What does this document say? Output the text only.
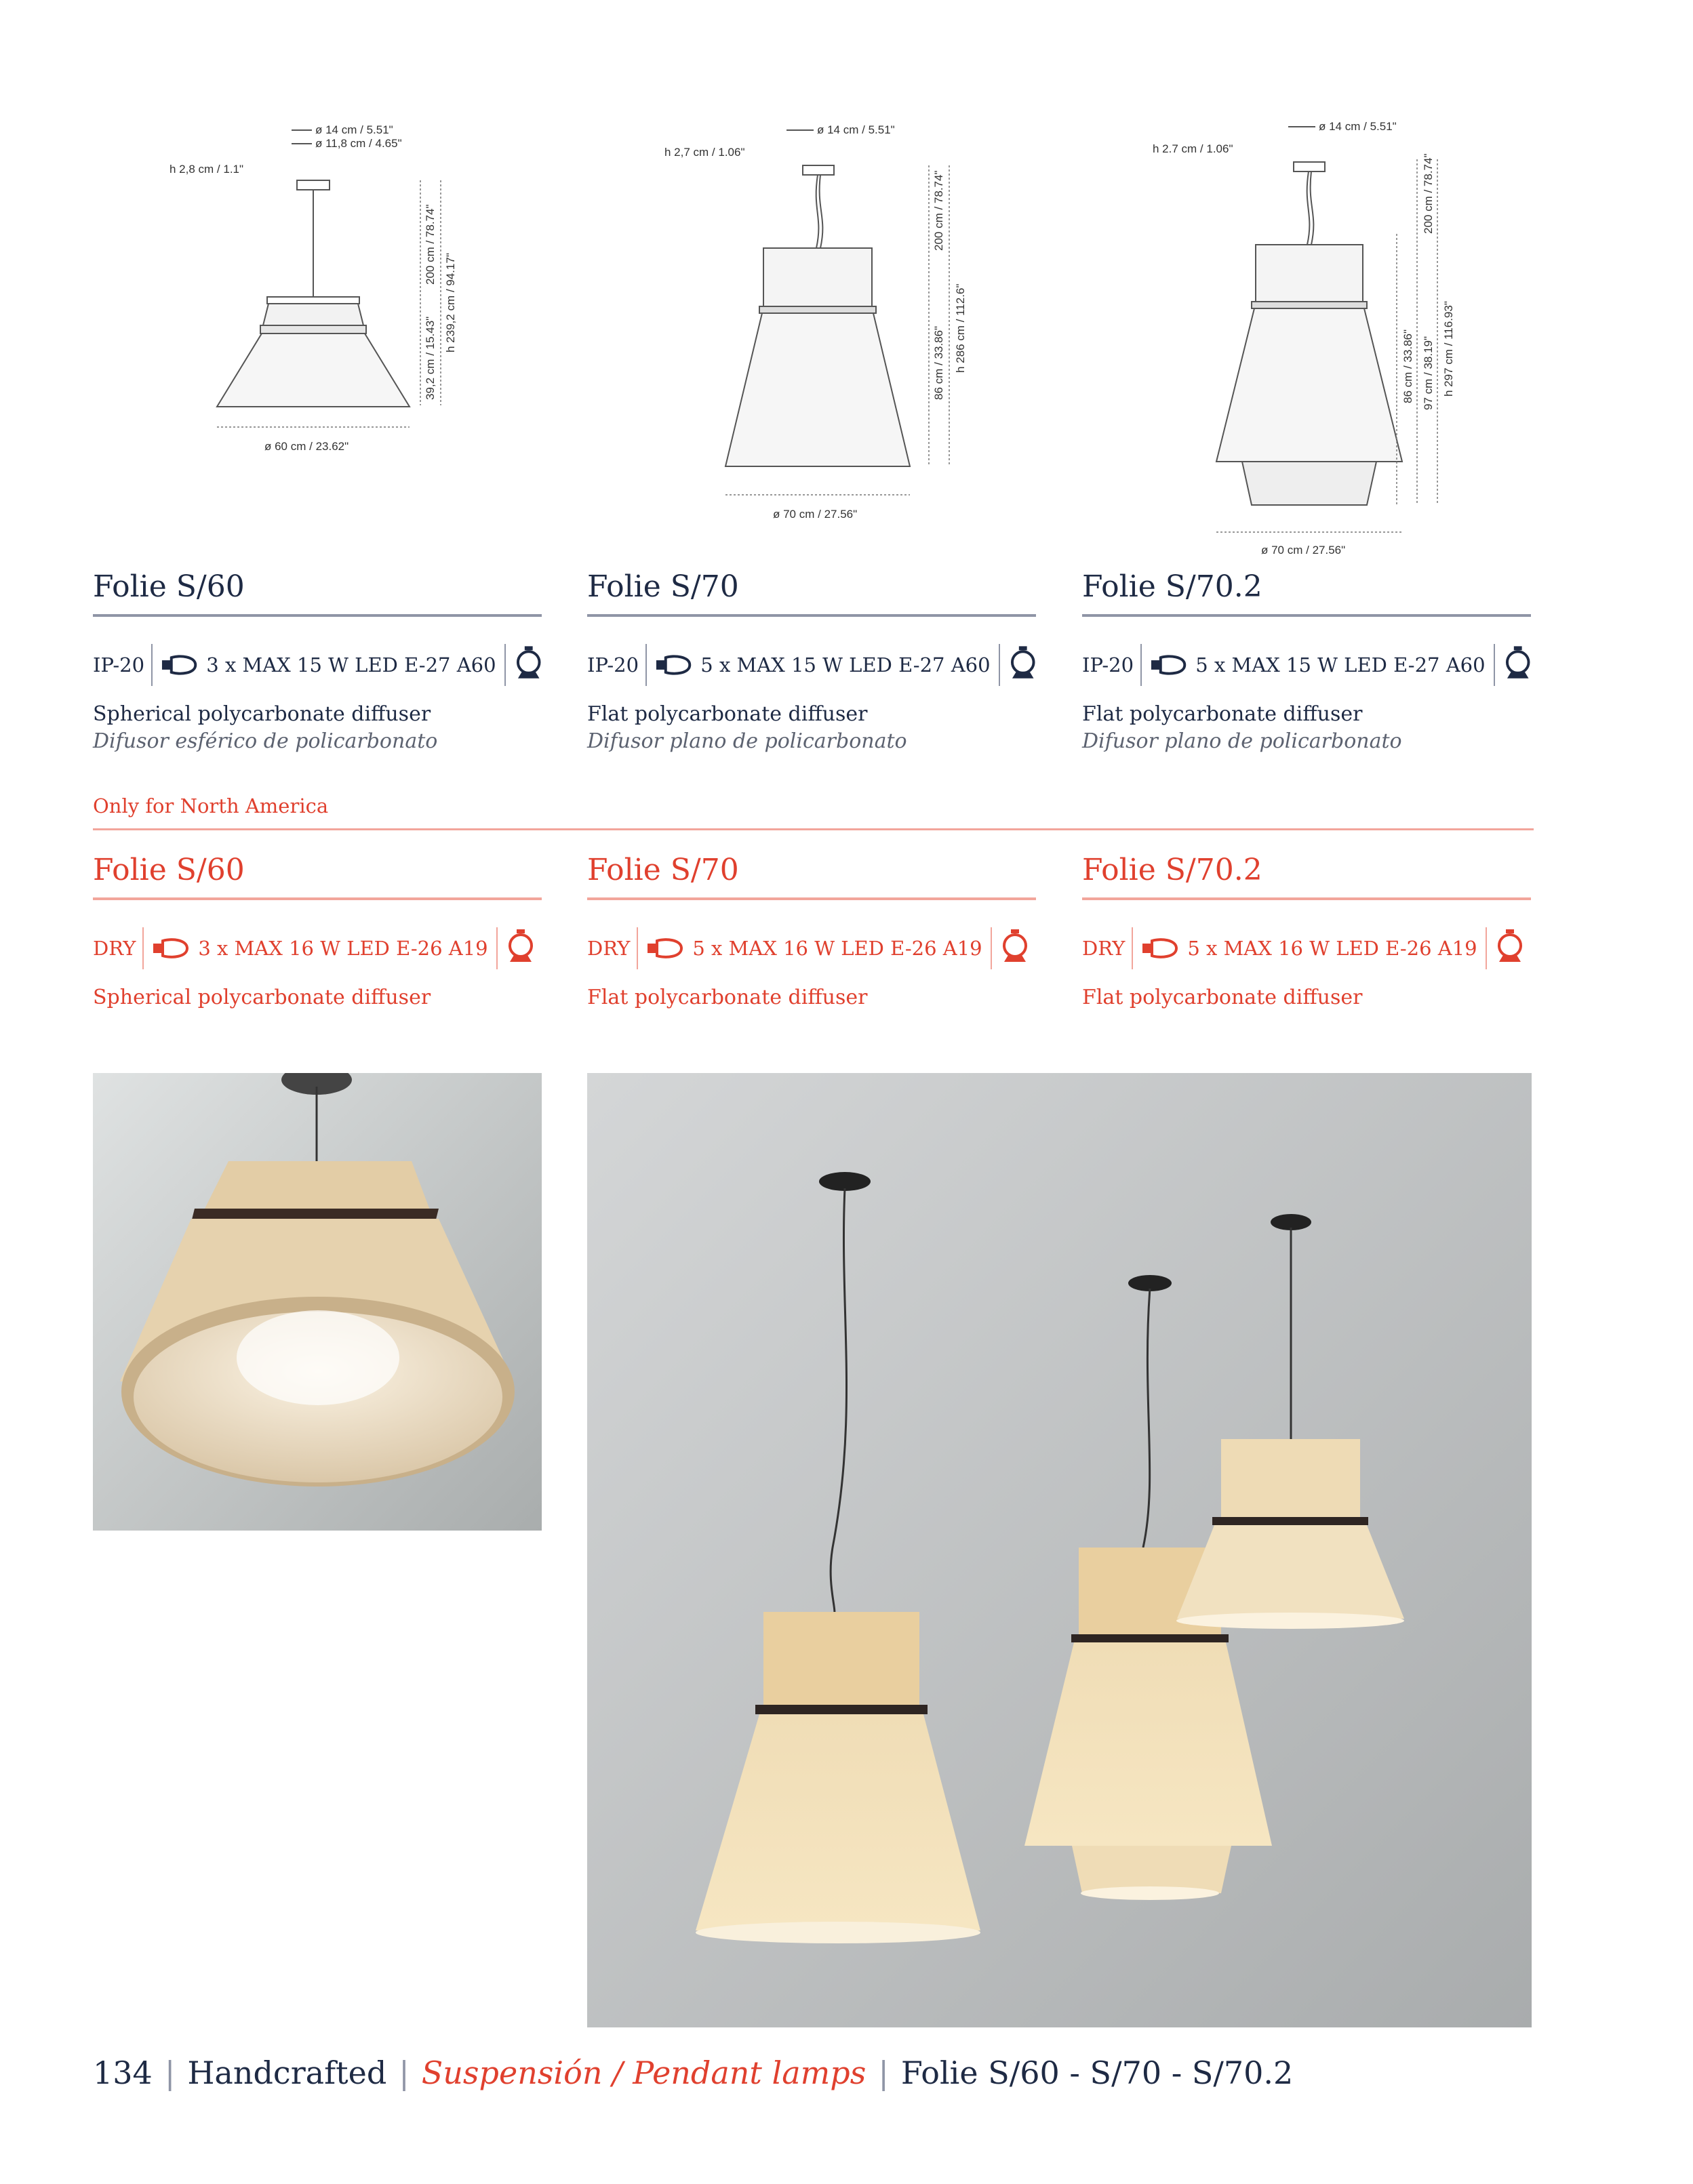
ø 14 cm / 5.51"
ø 11,8 cm / 4.65"
h 2,8 cm / 1.1"
200 cm / 78.74"
39,2 cm / 15.43"
h 239,2 cm / 94.17"
ø 60 cm / 23.62"
ø 14 cm / 5.51"
h 2,7 cm / 1.06"
200 cm / 78.74"
86 cm / 33.86" h 286 cm / 112.6"
ø 70 cm / 27.56"
ø 14 cm / 5.51"
h 2.7 cm / 1.06"
86 cm / 33.86"
200 cm / 78.74"
97 cm / 38.19" h 297 cm / 116.93"
ø 70 cm / 27.56"
Folie S/60
IP-20	3 x MAX 15 W LED E-27 A60
Spherical polycarbonate diffuser
Difusor esférico de policarbonato
Folie S/70
IP-20	5 x MAX 15 W LED E-27 A60
Flat polycarbonate diffuser
Difusor plano de policarbonato
Folie S/70.2
IP-20	5 x MAX 15 W LED E-27 A60
Flat polycarbonate diffuser
Difusor plano de policarbonato
Only for North America
Folie S/60
DRY	3 x MAX 16 W LED E-26 A19
Spherical polycarbonate diffuser
Folie S/70
DRY	5 x MAX 16 W LED E-26 A19
Flat polycarbonate diffuser
Folie S/70.2
DRY	5 x MAX 16 W LED E-26 A19
Flat polycarbonate diffuser
134 | Handcrafted | Suspensión / Pendant lamps | Folie S/60 - S/70 - S/70.2
